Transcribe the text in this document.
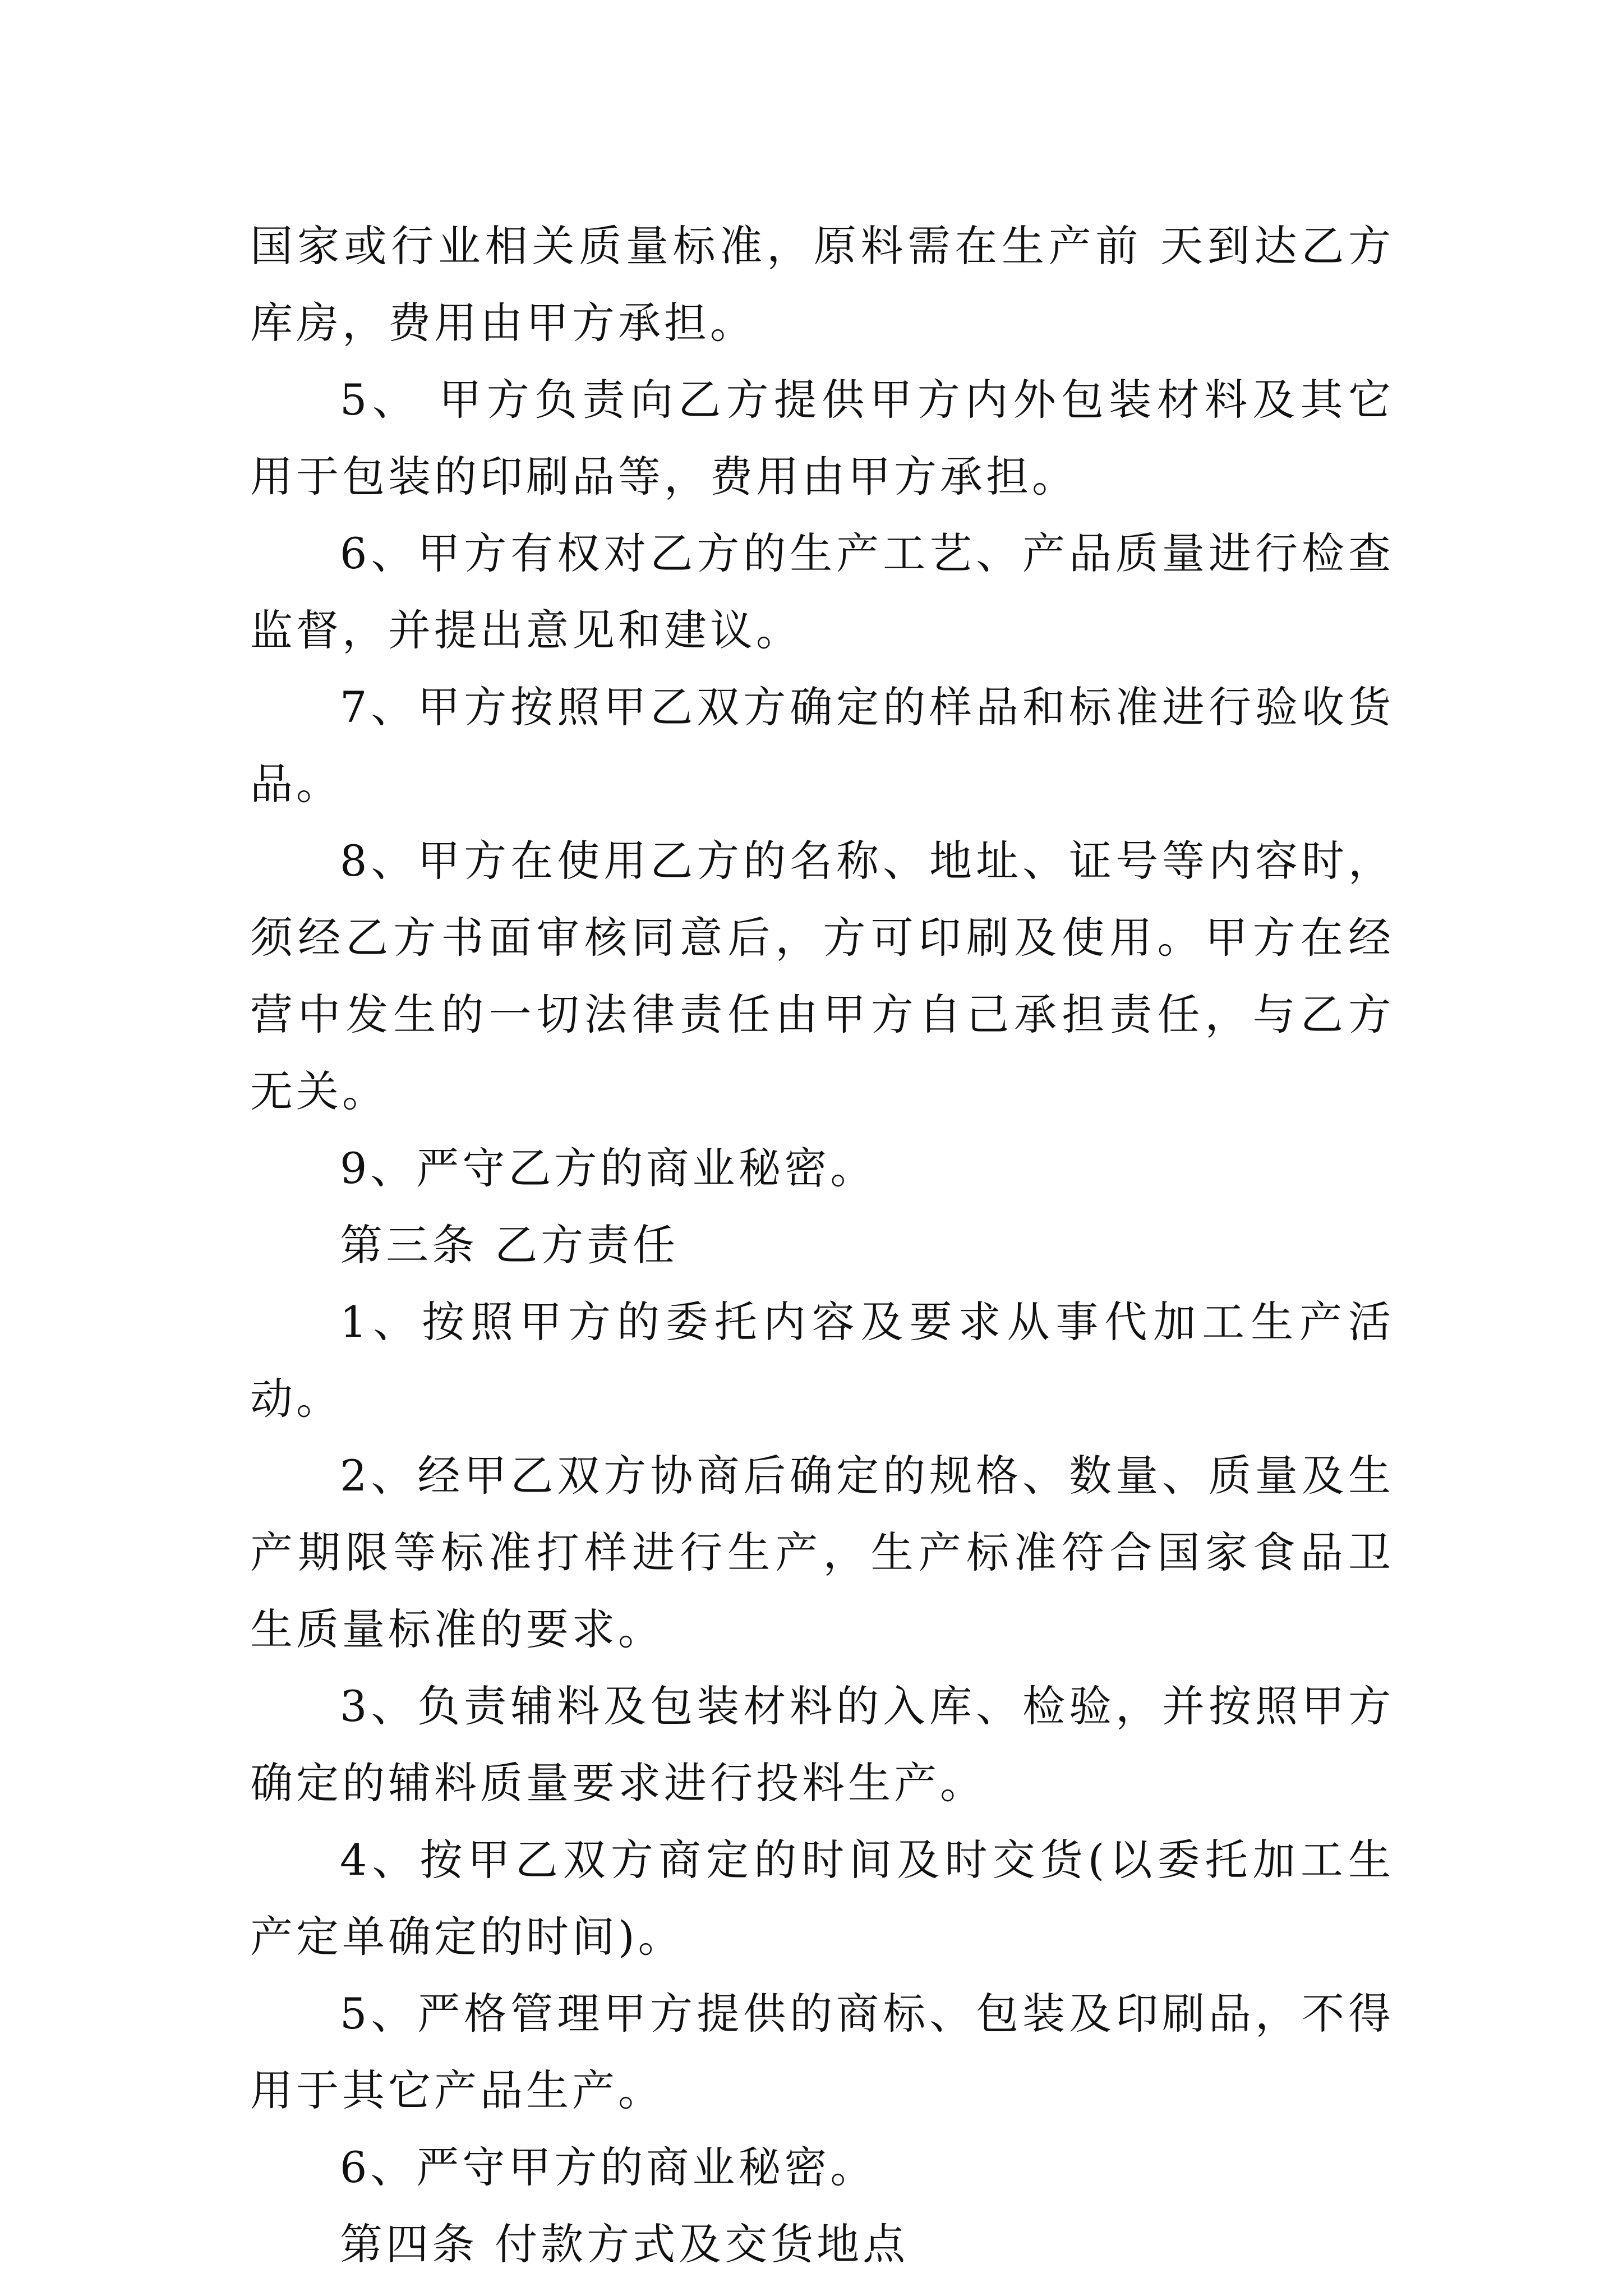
国家或行业相关质量标准，原料需在生产前 天到达乙方库房，费用由甲方承担。

5、 甲方负责向乙方提供甲方内外包装材料及其它用于包装的印刷品等，费用由甲方承担。

6、甲方有权对乙方的生产工艺、产品质量进行检查监督，并提出意见和建议。

7、甲方按照甲乙双方确定的样品和标准进行验收货品。

8、甲方在使用乙方的名称、地址、证号等内容时，须经乙方书面审核同意后，方可印刷及使用。甲方在经营中发生的一切法律责任由甲方自己承担责任，与乙方无关。

9、严守乙方的商业秘密。

第三条 乙方责任

1、按照甲方的委托内容及要求从事代加工生产活动。

2、经甲乙双方协商后确定的规格、数量、质量及生产期限等标准打样进行生产，生产标准符合国家食品卫生质量标准的要求。

3、负责辅料及包装材料的入库、检验，并按照甲方确定的辅料质量要求进行投料生产。

4、按甲乙双方商定的时间及时交货(以委托加工生产定单确定的时间)。

5、严格管理甲方提供的商标、包装及印刷品，不得用于其它产品生产。

6、严守甲方的商业秘密。

第四条 付款方式及交货地点
